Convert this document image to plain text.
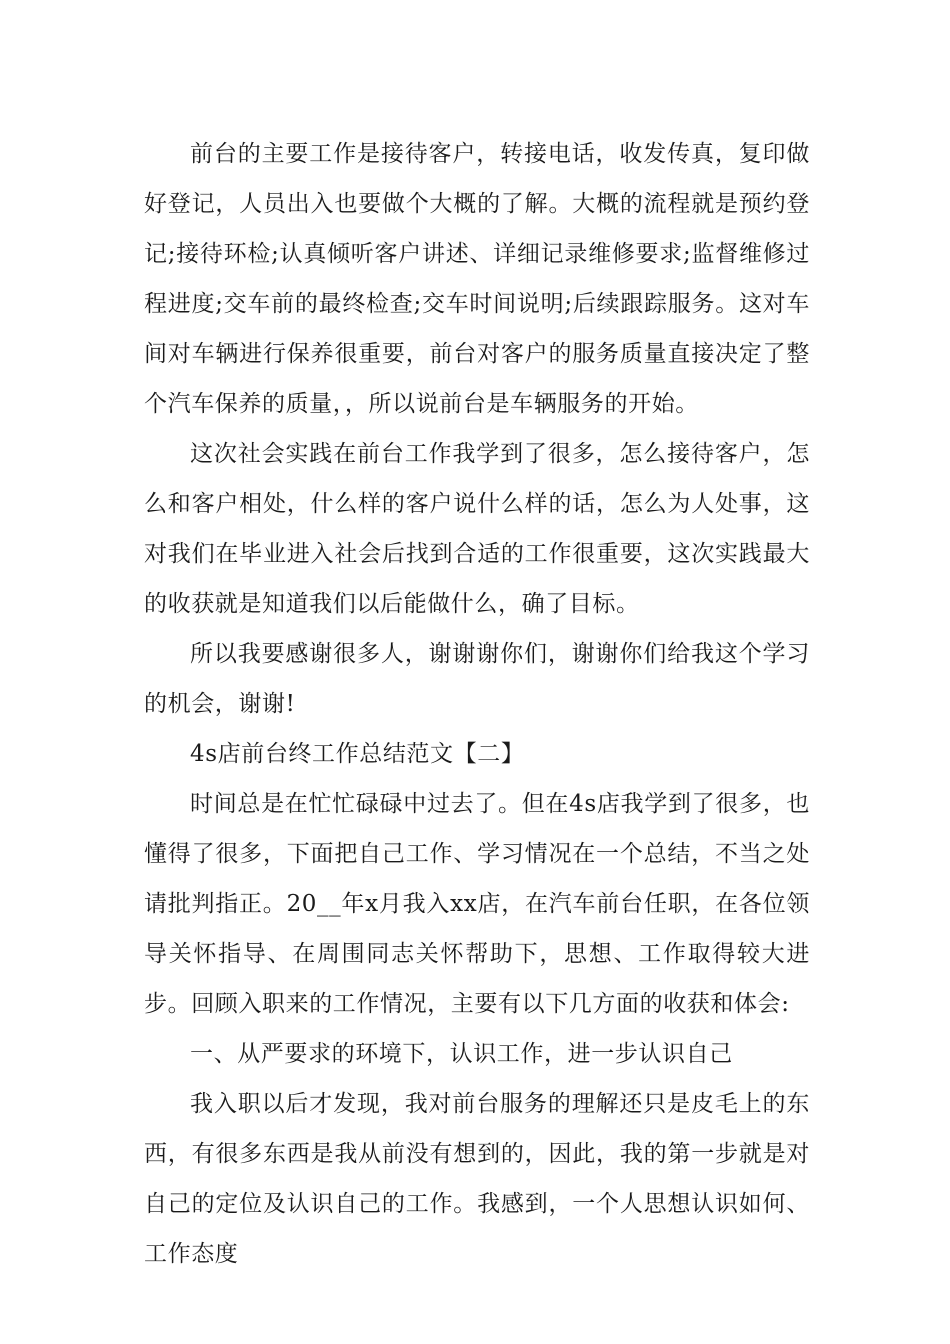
前台的主要工作是接待客户，转接电话，收发传真，复印做好登记，人员出入也要做个大概的了解。大概的流程就是预约登记;接待环检;认真倾听客户讲述、详细记录维修要求;监督维修过程进度;交车前的最终检查;交车时间说明;后续跟踪服务。这对车间对车辆进行保养很重要，前台对客户的服务质量直接决定了整个汽车保养的质量，，所以说前台是车辆服务的开始。

这次社会实践在前台工作我学到了很多，怎么接待客户，怎么和客户相处，什么样的客户说什么样的话，怎么为人处事，这对我们在毕业进入社会后找到合适的工作很重要，这次实践最大的收获就是知道我们以后能做什么，确了目标。

所以我要感谢很多人，谢谢谢你们，谢谢你们给我这个学习的机会，谢谢!

4s店前台终工作总结范文【二】

时间总是在忙忙碌碌中过去了。但在4s店我学到了很多，也懂得了很多，下面把自己工作、学习情况在一个总结，不当之处请批判指正。20__年x月我入xx店，在汽车前台任职，在各位领导关怀指导、在周围同志关怀帮助下，思想、工作取得较大进步。回顾入职来的工作情况，主要有以下几方面的收获和体会:

一、从严要求的环境下，认识工作，进一步认识自己

我入职以后才发现，我对前台服务的理解还只是皮毛上的东西，有很多东西是我从前没有想到的，因此，我的第一步就是对自己的定位及认识自己的工作。我感到，一个人思想认识如何、工作态度
